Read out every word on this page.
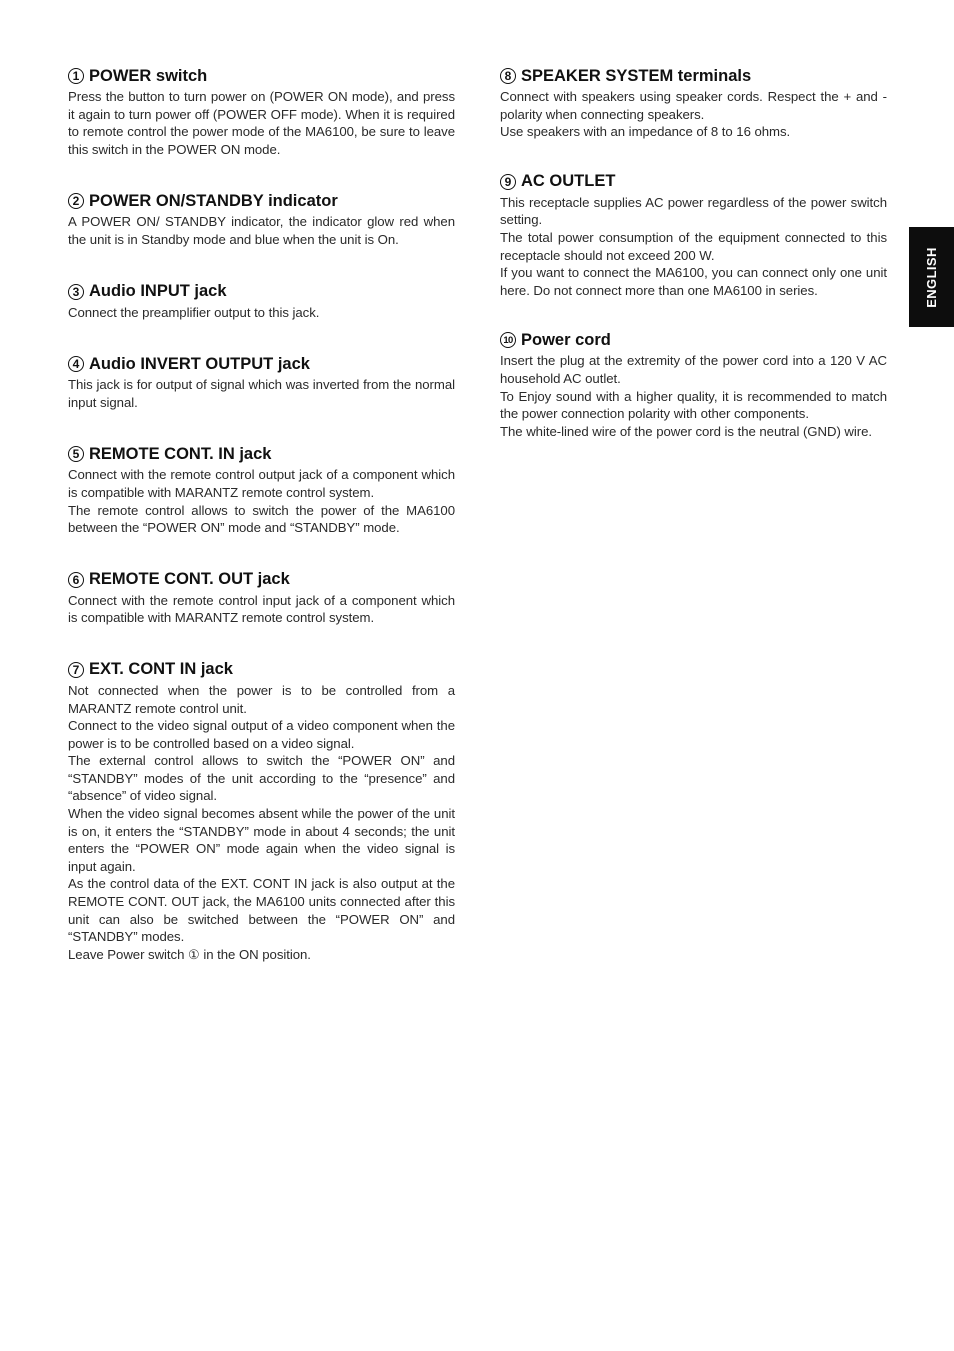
1 POWER switch

Press the button to turn power on (POWER ON mode), and press it again to turn power off (POWER OFF mode). When it is required to remote control the power mode of the MA6100, be sure to leave this switch in the POWER ON mode.

2 POWER ON/STANDBY indicator

A POWER ON/ STANDBY indicator, the indicator glow red when the unit is in Standby mode and blue when the unit is On.

3 Audio INPUT jack

Connect the preamplifier output to this jack.

4 Audio INVERT OUTPUT jack

This jack is for output of signal which was inverted from the normal input signal.

5 REMOTE CONT. IN jack

Connect with the remote control output jack of a component which is compatible with MARANTZ remote control system.

The remote control allows to switch the power of the MA6100 between the “POWER ON” mode and “STANDBY” mode.

6 REMOTE CONT. OUT jack

Connect with the remote control input jack of a component which is compatible with MARANTZ remote control system.

7 EXT. CONT IN jack

Not connected when the power is to be controlled from a MARANTZ remote control unit.

Connect to the video signal output of a video component when the power is to be controlled based on a video signal.

The external control allows to switch the “POWER ON” and “STANDBY” modes of the unit according to the “presence” and “absence” of video signal.

When the video signal becomes absent while the power of the unit is on, it enters the “STANDBY” mode in about 4 seconds; the unit enters the “POWER ON” mode again when the video signal is input again.

As the control data of the EXT. CONT IN jack is also output at the REMOTE CONT. OUT jack, the MA6100 units connected after this unit can also be switched between the “POWER ON” and “STANDBY” modes.

Leave Power switch ① in the ON position.

8 SPEAKER SYSTEM terminals

Connect with speakers using speaker cords. Respect the + and - polarity when connecting speakers.

Use speakers with an impedance of 8 to 16 ohms.

9 AC OUTLET

This receptacle supplies AC power regardless of the power switch setting.

The total power consumption of the equipment connected to this receptacle should not exceed 200 W.

If you want to connect the MA6100, you can connect only one unit here. Do not connect more than one MA6100 in series.

10 Power cord

Insert the plug at the extremity of the power cord into a 120 V AC household AC outlet.

To Enjoy sound with a higher quality, it is recommended to match the power connection polarity with other components.

The white-lined wire of the power cord is the neutral (GND) wire.

ENGLISH
